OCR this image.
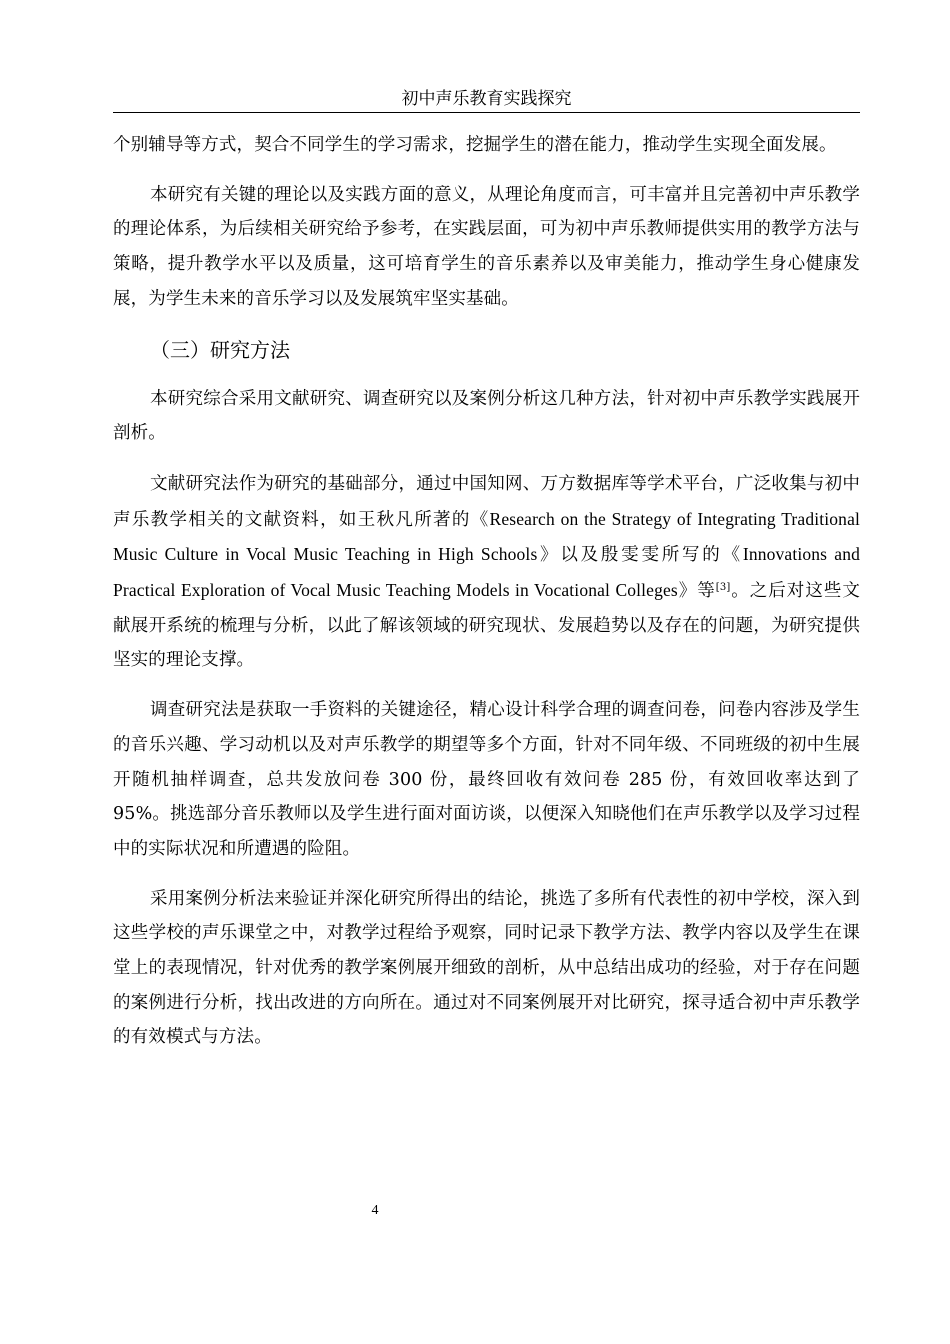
初中声乐教育实践探究

个别辅导等方式，契合不同学生的学习需求，挖掘学生的潜在能力，推动学生实现全面发展。

本研究有关键的理论以及实践方面的意义，从理论角度而言，可丰富并且完善初中声乐教学的理论体系，为后续相关研究给予参考，在实践层面，可为初中声乐教师提供实用的教学方法与策略，提升教学水平以及质量，这可培育学生的音乐素养以及审美能力，推动学生身心健康发展，为学生未来的音乐学习以及发展筑牢坚实基础。

（三）研究方法

本研究综合采用文献研究、调查研究以及案例分析这几种方法，针对初中声乐教学实践展开剖析。

文献研究法作为研究的基础部分，通过中国知网、万方数据库等学术平台，广泛收集与初中声乐教学相关的文献资料，如王秋凡所著的《Research on the Strategy of Integrating Traditional Music Culture in Vocal Music Teaching in High Schools》以及殷雯雯所写的《Innovations and Practical Exploration of Vocal Music Teaching Models in Vocational Colleges》等[3]。之后对这些文献展开系统的梳理与分析，以此了解该领域的研究现状、发展趋势以及存在的问题，为研究提供坚实的理论支撑。

调查研究法是获取一手资料的关键途径，精心设计科学合理的调查问卷，问卷内容涉及学生的音乐兴趣、学习动机以及对声乐教学的期望等多个方面，针对不同年级、不同班级的初中生展开随机抽样调查，总共发放问卷 300 份，最终回收有效问卷 285 份，有效回收率达到了 95%。挑选部分音乐教师以及学生进行面对面访谈，以便深入知晓他们在声乐教学以及学习过程中的实际状况和所遭遇的险阻。

采用案例分析法来验证并深化研究所得出的结论，挑选了多所有代表性的初中学校，深入到这些学校的声乐课堂之中，对教学过程给予观察，同时记录下教学方法、教学内容以及学生在课堂上的表现情况，针对优秀的教学案例展开细致的剖析，从中总结出成功的经验，对于存在问题的案例进行分析，找出改进的方向所在。通过对不同案例展开对比研究，探寻适合初中声乐教学的有效模式与方法。

4
